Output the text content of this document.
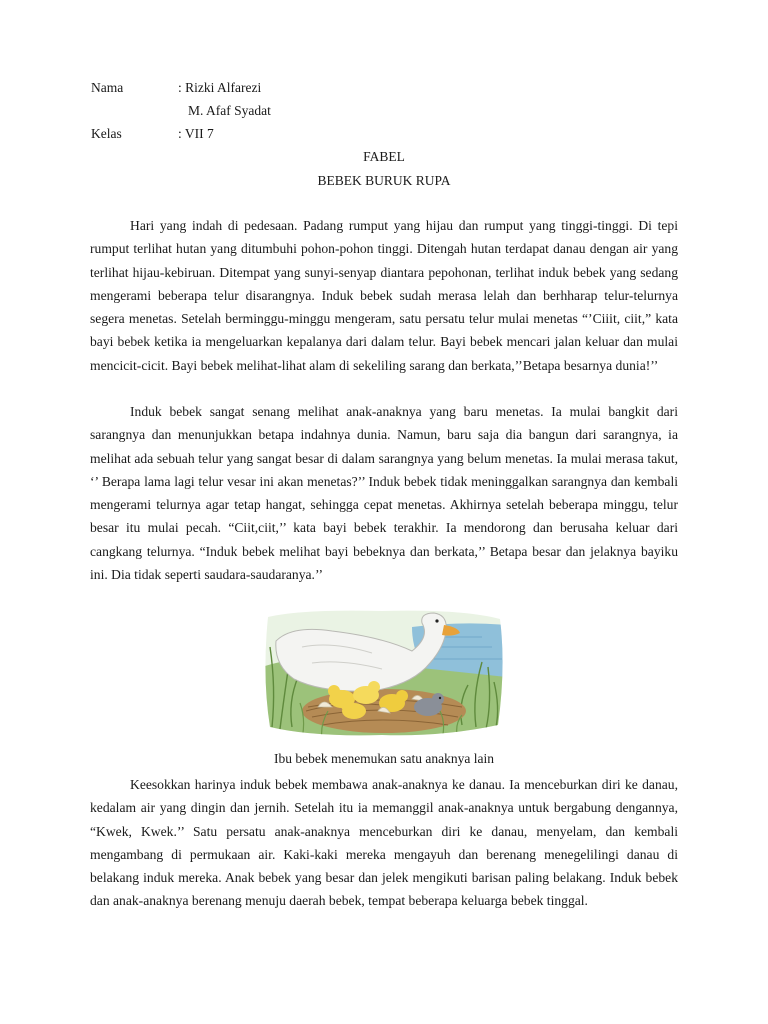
Nama	: Rizki Alfarezi
M. Afaf Syadat
Kelas	: VII 7
FABEL
BEBEK BURUK RUPA

Hari yang indah di pedesaan. Padang rumput yang hijau dan rumput yang tinggi-tinggi. Di tepi rumput terlihat hutan yang ditumbuhi pohon-pohon tinggi. Ditengah hutan terdapat danau dengan air yang terlihat hijau-kebiruan. Ditempat yang sunyi-senyap diantara pepohonan, terlihat induk bebek yang sedang mengerami beberapa telur disarangnya. Induk bebek sudah merasa lelah dan berhharap telur-telurnya segera menetas. Setelah berminggu-minggu mengeram, satu persatu telur mulai menetas “’Ciiit, ciit,” kata bayi bebek ketika ia mengeluarkan kepalanya dari dalam telur. Bayi bebek mencari jalan keluar dan mulai mencicit-cicit. Bayi bebek melihat-lihat alam di sekeliling sarang dan berkata,’’Betapa besarnya dunia!’’

Induk bebek sangat senang melihat anak-anaknya yang baru menetas. Ia mulai bangkit dari sarangnya dan menunjukkan betapa indahnya dunia. Namun, baru saja dia bangun dari sarangnya, ia melihat ada sebuah telur yang sangat besar di dalam sarangnya yang belum menetas. Ia mulai merasa takut, ‘’ Berapa lama lagi telur vesar ini akan menetas?’’ Induk bebek tidak meninggalkan sarangnya dan kembali mengerami telurnya agar tetap hangat, sehingga cepat menetas. Akhirnya setelah beberapa minggu, telur besar itu mulai pecah. “Ciit,ciit,’’ kata bayi bebek terakhir. Ia mendorong dan berusaha keluar dari cangkang telurnya. “Induk bebek melihat bayi bebeknya dan berkata,’’ Betapa besar dan jelaknya bayiku ini. Dia tidak seperti saudara-saudaranya.’’

Ibu bebek menemukan satu anaknya lain

Keesokkan harinya induk bebek membawa anak-anaknya ke danau. Ia menceburkan diri ke danau, kedalam air yang dingin dan jernih. Setelah itu ia memanggil anak-anaknya untuk bergabung dengannya, “Kwek, Kwek.’’ Satu persatu anak-anaknya menceburkan diri ke danau, menyelam, dan kembali mengambang di permukaan air. Kaki-kaki mereka mengayuh dan berenang menegelilingi danau di belakang induk mereka. Anak bebek yang besar dan jelek mengikuti barisan paling belakang. Induk bebek dan anak-anaknya berenang menuju daerah bebek, tempat beberapa keluarga bebek tinggal.
